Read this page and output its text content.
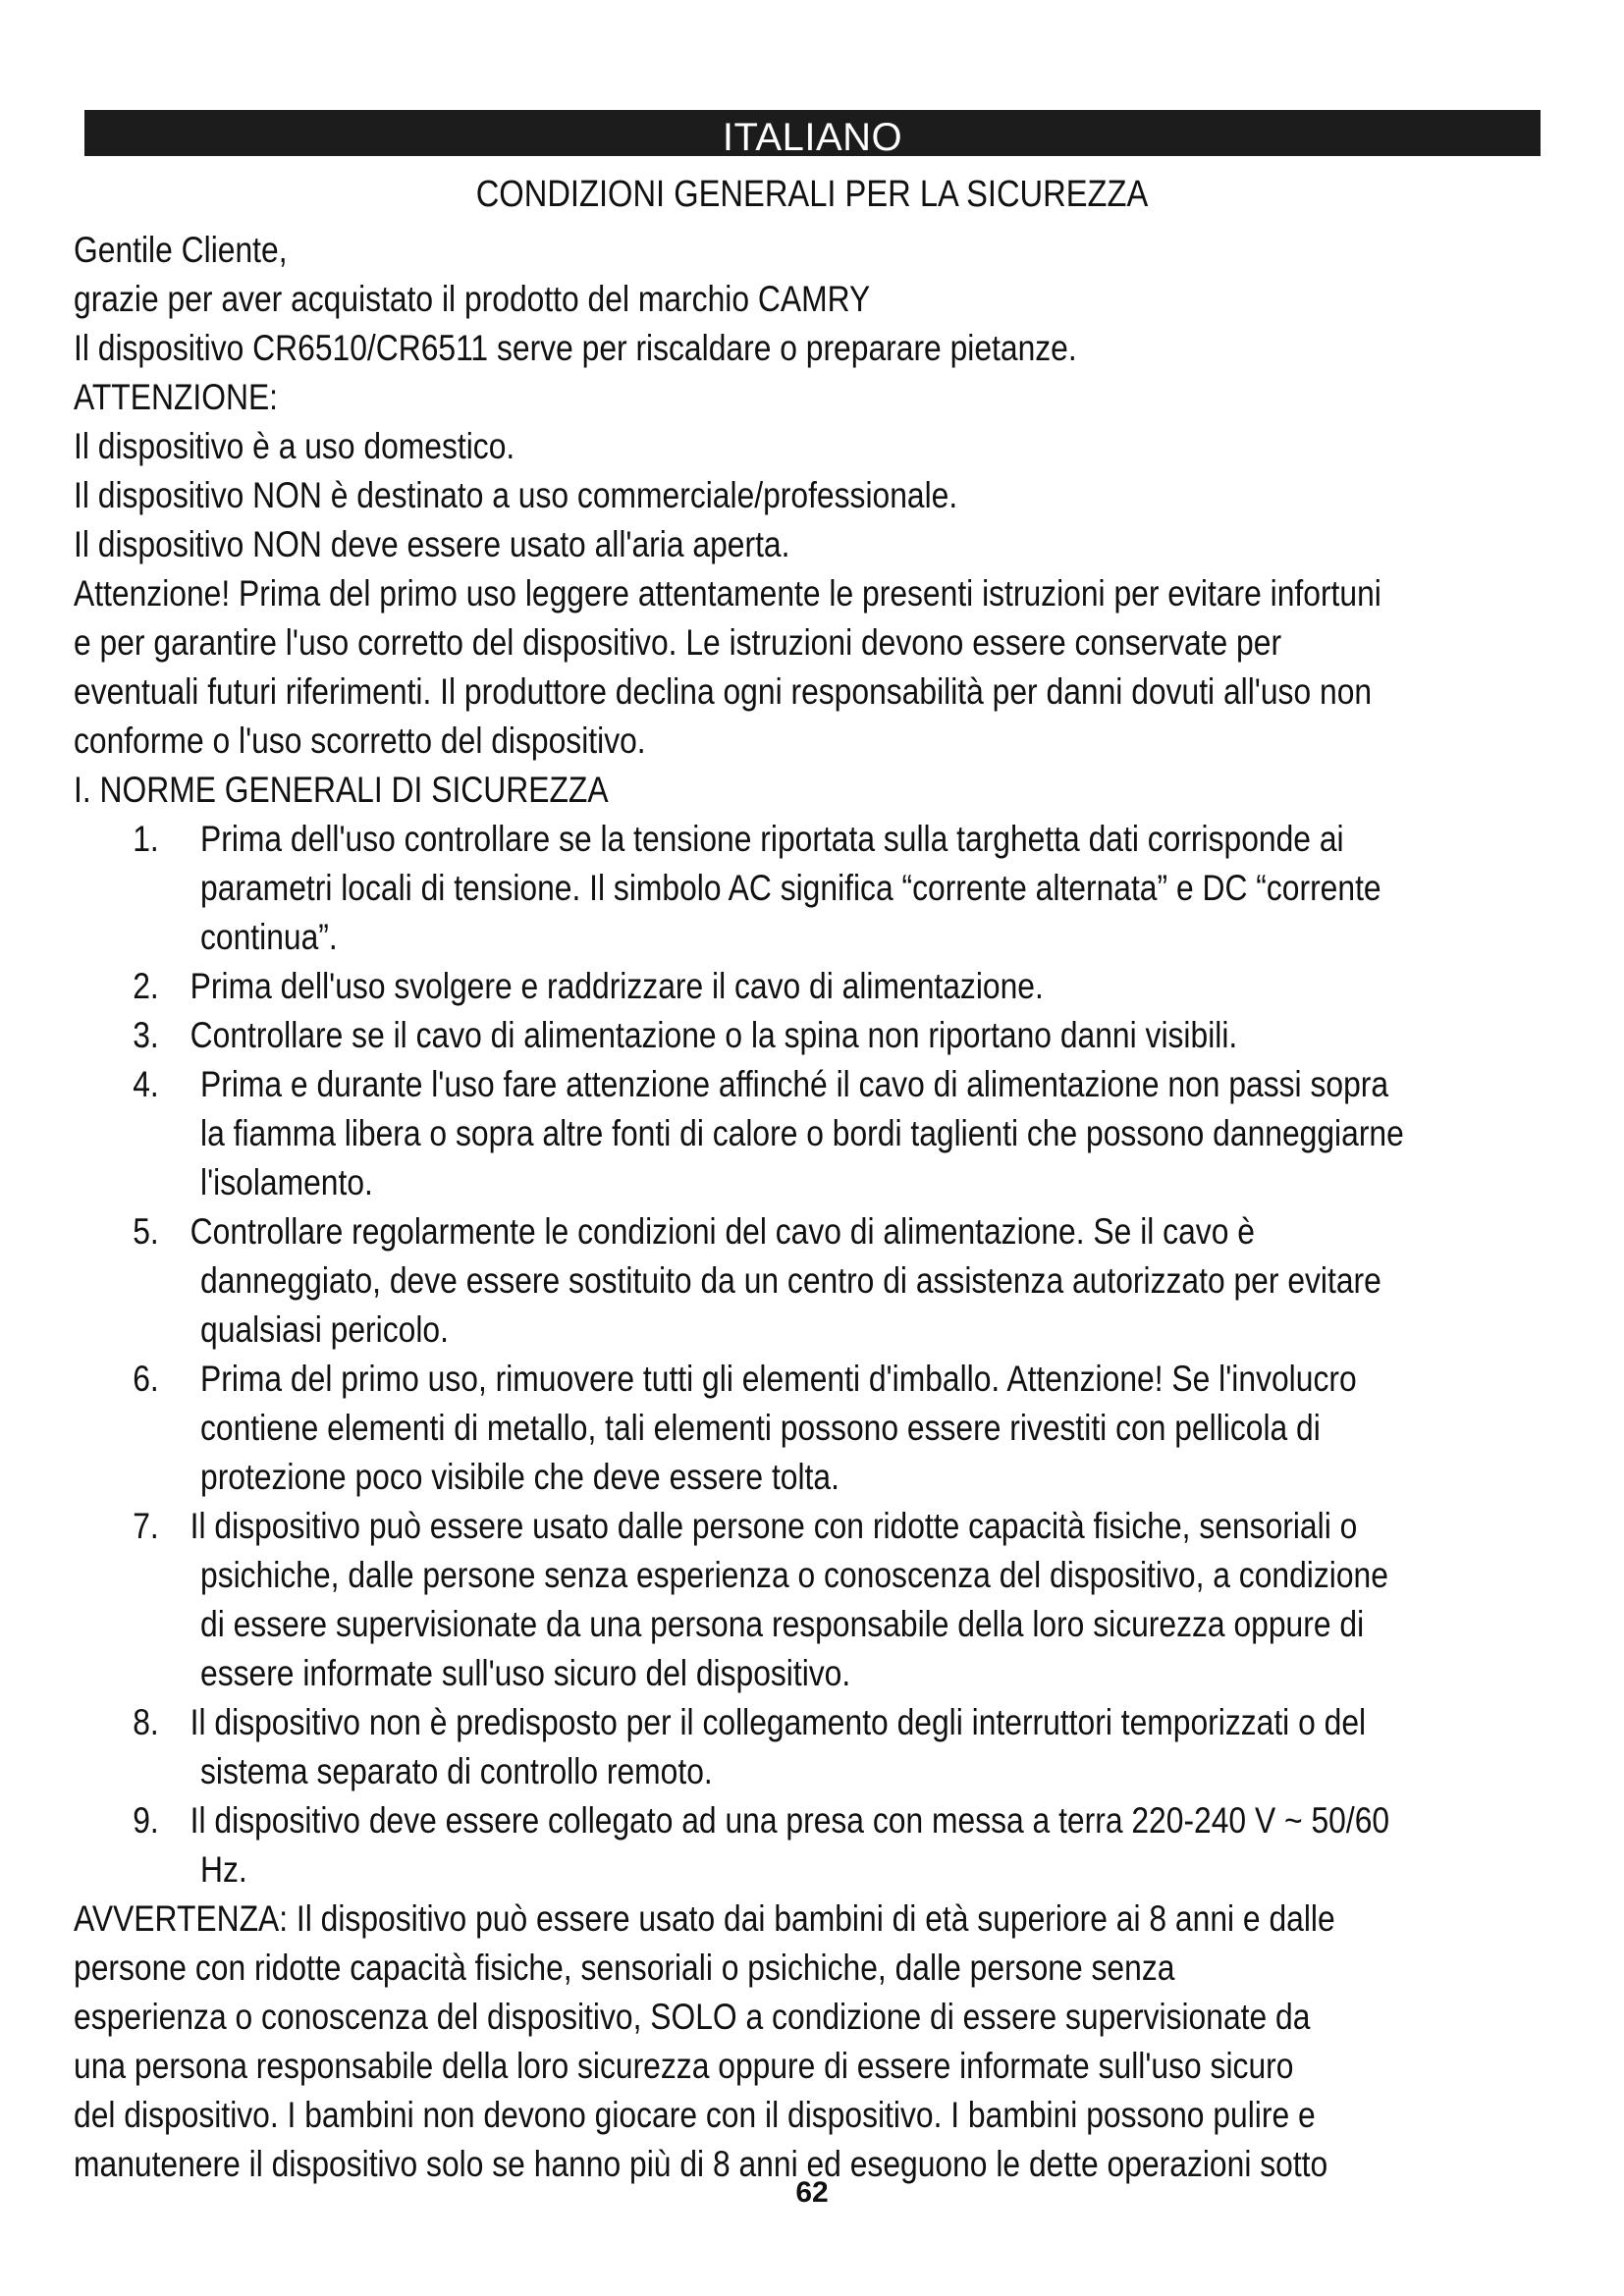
ITALIANO
CONDIZIONI GENERALI PER LA SICUREZZA

Gentile Cliente,

grazie per aver acquistato il prodotto del marchio CAMRY

Il dispositivo CR6510/CR6511 serve per riscaldare o preparare pietanze.

ATTENZIONE:

Il dispositivo è a uso domestico.

Il dispositivo NON è destinato a uso commerciale/professionale.

Il dispositivo NON deve essere usato all'aria aperta.

Attenzione! Prima del primo uso leggere attentamente le presenti istruzioni per evitare infortuni

e per garantire l'uso corretto del dispositivo. Le istruzioni devono essere conservate per

eventuali futuri riferimenti. Il produttore declina ogni responsabilità per danni dovuti all'uso non

conforme o l'uso scorretto del dispositivo.

I. NORME GENERALI DI SICUREZZA

1.	Prima dell'uso controllare se la tensione riportata sulla targhetta dati corrisponde ai
parametri locali di tensione. Il simbolo AC significa “corrente alternata” e DC “corrente
continua”.
2. Prima dell'uso svolgere e raddrizzare il cavo di alimentazione.
3. Controllare se il cavo di alimentazione o la spina non riportano danni visibili.
4.	Prima e durante l'uso fare attenzione affinché il cavo di alimentazione non passi sopra
la fiamma libera o sopra altre fonti di calore o bordi taglienti che possono danneggiarne
l'isolamento.
5. Controllare regolarmente le condizioni del cavo di alimentazione. Se il cavo è
danneggiato, deve essere sostituito da un centro di assistenza autorizzato per evitare
qualsiasi pericolo.
6.	Prima del primo uso, rimuovere tutti gli elementi d'imballo. Attenzione! Se l'involucro
contiene elementi di metallo, tali elementi possono essere rivestiti con pellicola di
protezione poco visibile che deve essere tolta.
7. Il dispositivo può essere usato dalle persone con ridotte capacità fisiche, sensoriali o
psichiche, dalle persone senza esperienza o conoscenza del dispositivo, a condizione
di essere supervisionate da una persona responsabile della loro sicurezza oppure di
essere informate sull'uso sicuro del dispositivo.
8. Il dispositivo non è predisposto per il collegamento degli interruttori temporizzati o del
sistema separato di controllo remoto.
9. Il dispositivo deve essere collegato ad una presa con messa a terra 220-240 V ~ 50/60
Hz.

AVVERTENZA: Il dispositivo può essere usato dai bambini di età superiore ai 8 anni e dalle

persone con ridotte capacità fisiche, sensoriali o psichiche, dalle persone senza

esperienza o conoscenza del dispositivo, SOLO a condizione di essere supervisionate da

una persona responsabile della loro sicurezza oppure di essere informate sull'uso sicuro

del dispositivo. I bambini non devono giocare con il dispositivo. I bambini possono pulire e

manutenere il dispositivo solo se hanno più di 8 anni ed eseguono le dette operazioni sotto

62
